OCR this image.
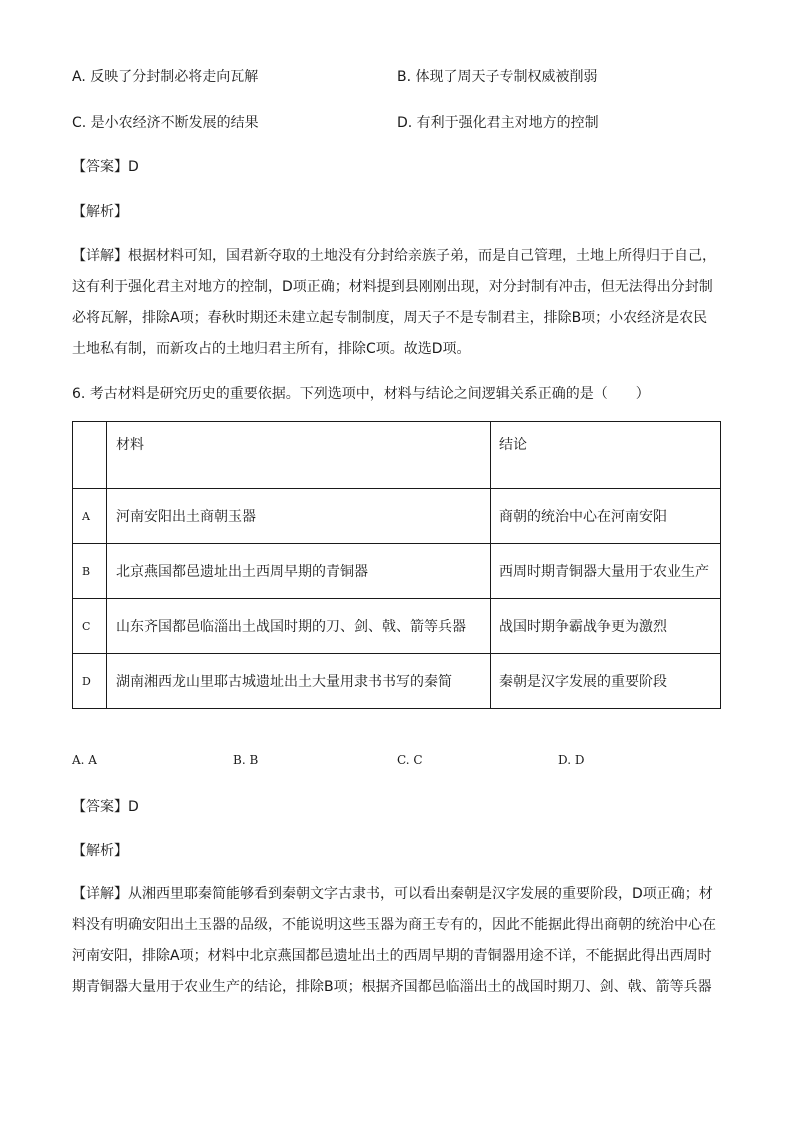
A. 反映了分封制必将走向瓦解	B. 体现了周天子专制权威被削弱
C. 是小农经济不断发展的结果	D. 有利于强化君主对地方的控制
【答案】D
【解析】
【详解】根据材料可知，国君新夺取的土地没有分封给亲族子弟，而是自己管理，土地上所得归于自己，
这有利于强化君主对地方的控制，D项正确；材料提到县刚刚出现，对分封制有冲击，但无法得出分封制
必将瓦解，排除A项；春秋时期还未建立起专制制度，周天子不是专制君主，排除B项；小农经济是农民
土地私有制，而新攻占的土地归君主所有，排除C项。故选D项。
6. 考古材料是研究历史的重要依据。下列选项中，材料与结论之间逻辑关系正确的是（　　）
	材料	结论
A	河南安阳出土商朝玉器	商朝的统治中心在河南安阳
B	北京燕国都邑遗址出土西周早期的青铜器	西周时期青铜器大量用于农业生产
C	山东齐国都邑临淄出土战国时期的刀、剑、戟、箭等兵器	战国时期争霸战争更为激烈
D	湖南湘西龙山里耶古城遗址出土大量用隶书书写的秦简	秦朝是汉字发展的重要阶段
A. A	B. B	C. C	D. D
【答案】D
【解析】
【详解】从湘西里耶秦简能够看到秦朝文字古隶书，可以看出秦朝是汉字发展的重要阶段，D项正确；材
料没有明确安阳出土玉器的品级，不能说明这些玉器为商王专有的，因此不能据此得出商朝的统治中心在
河南安阳，排除A项；材料中北京燕国都邑遗址出土的西周早期的青铜器用途不详，不能据此得出西周时
期青铜器大量用于农业生产的结论，排除B项；根据齐国都邑临淄出土的战国时期刀、剑、戟、箭等兵器
